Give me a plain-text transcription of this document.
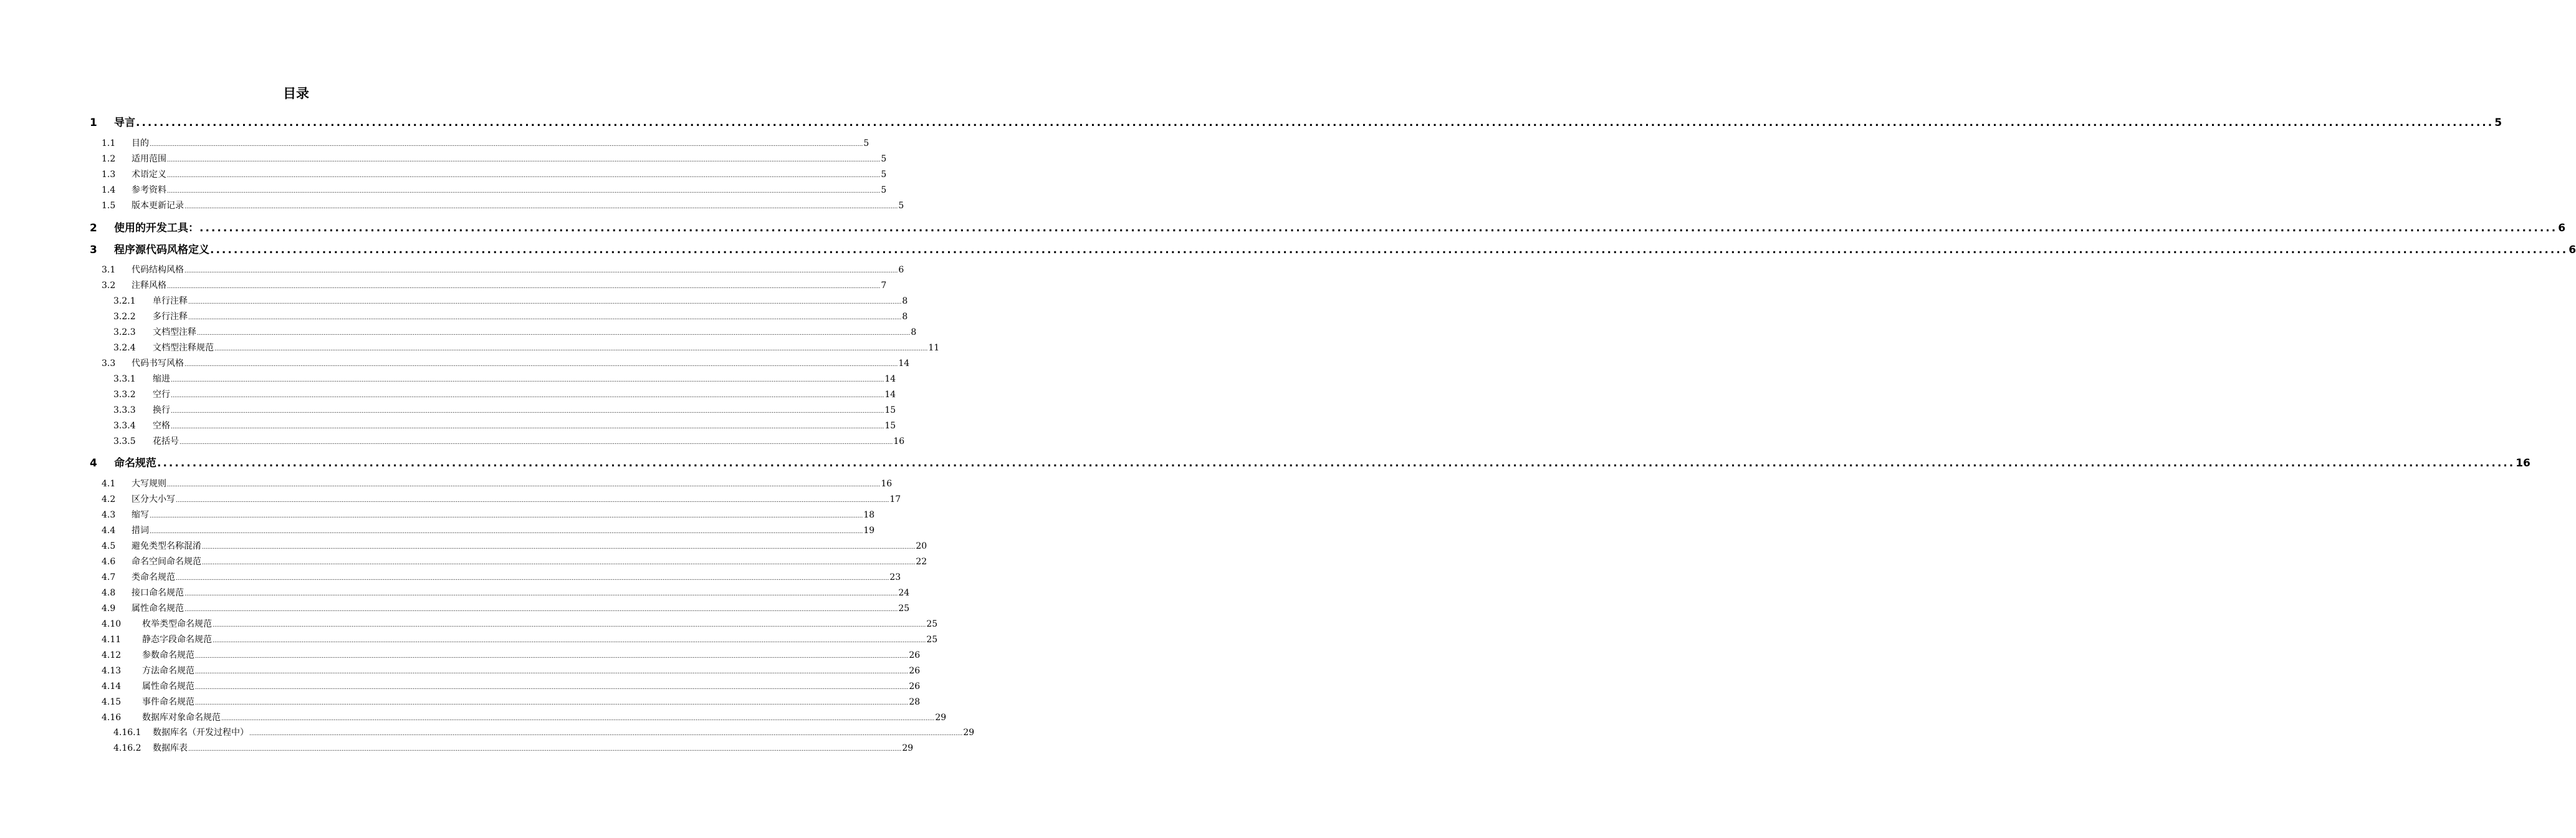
目录
1	导言 ................................................................................................................................................................................................................................................................................................................................................................................................................ 5
1.1	目的 ................................................................................................................................................................................................................................................................................................................................................................................................................ 5
1.2	适用范围 ................................................................................................................................................................................................................................................................................................................................................................................................................ 5
1.3	术语定义 ................................................................................................................................................................................................................................................................................................................................................................................................................ 5
1.4	参考资料 ................................................................................................................................................................................................................................................................................................................................................................................................................ 5
1.5	版本更新记录 ................................................................................................................................................................................................................................................................................................................................................................................................................ 5
2	使用的开发工具： ................................................................................................................................................................................................................................................................................................................................................................................................................ 6
3	程序源代码风格定义 ................................................................................................................................................................................................................................................................................................................................................................................................................ 6
3.1	代码结构风格 ................................................................................................................................................................................................................................................................................................................................................................................................................ 6
3.2	注释风格 ................................................................................................................................................................................................................................................................................................................................................................................................................ 7
3.2.1	单行注释 ................................................................................................................................................................................................................................................................................................................................................................................................................ 8
3.2.2	多行注释 ................................................................................................................................................................................................................................................................................................................................................................................................................ 8
3.2.3	文档型注释 ................................................................................................................................................................................................................................................................................................................................................................................................................ 8
3.2.4	文档型注释规范 ................................................................................................................................................................................................................................................................................................................................................................................................................ 11
3.3	代码书写风格 ................................................................................................................................................................................................................................................................................................................................................................................................................ 14
3.3.1	缩进 ................................................................................................................................................................................................................................................................................................................................................................................................................ 14
3.3.2	空行 ................................................................................................................................................................................................................................................................................................................................................................................................................ 14
3.3.3	换行 ................................................................................................................................................................................................................................................................................................................................................................................................................ 15
3.3.4	空格 ................................................................................................................................................................................................................................................................................................................................................................................................................ 15
3.3.5	花括号 ................................................................................................................................................................................................................................................................................................................................................................................................................ 16
4	命名规范 ................................................................................................................................................................................................................................................................................................................................................................................................................ 16
4.1	大写规则 ................................................................................................................................................................................................................................................................................................................................................................................................................ 16
4.2	区分大小写 ................................................................................................................................................................................................................................................................................................................................................................................................................ 17
4.3	缩写 ................................................................................................................................................................................................................................................................................................................................................................................................................ 18
4.4	措词 ................................................................................................................................................................................................................................................................................................................................................................................................................ 19
4.5	避免类型名称混淆 ................................................................................................................................................................................................................................................................................................................................................................................................................ 20
4.6	命名空间命名规范 ................................................................................................................................................................................................................................................................................................................................................................................................................ 22
4.7	类命名规范 ................................................................................................................................................................................................................................................................................................................................................................................................................ 23
4.8	接口命名规范 ................................................................................................................................................................................................................................................................................................................................................................................................................ 24
4.9	属性命名规范 ................................................................................................................................................................................................................................................................................................................................................................................................................ 25
4.10	枚举类型命名规范 ................................................................................................................................................................................................................................................................................................................................................................................................................ 25
4.11	静态字段命名规范 ................................................................................................................................................................................................................................................................................................................................................................................................................ 25
4.12	参数命名规范 ................................................................................................................................................................................................................................................................................................................................................................................................................ 26
4.13	方法命名规范 ................................................................................................................................................................................................................................................................................................................................................................................................................ 26
4.14	属性命名规范 ................................................................................................................................................................................................................................................................................................................................................................................................................ 26
4.15	事件命名规范 ................................................................................................................................................................................................................................................................................................................................................................................................................ 28
4.16	数据库对象命名规范 ................................................................................................................................................................................................................................................................................................................................................................................................................ 29
4.16.1	数据库名（开发过程中） ................................................................................................................................................................................................................................................................................................................................................................................................................ 29
4.16.2	数据库表 ................................................................................................................................................................................................................................................................................................................................................................................................................ 29
